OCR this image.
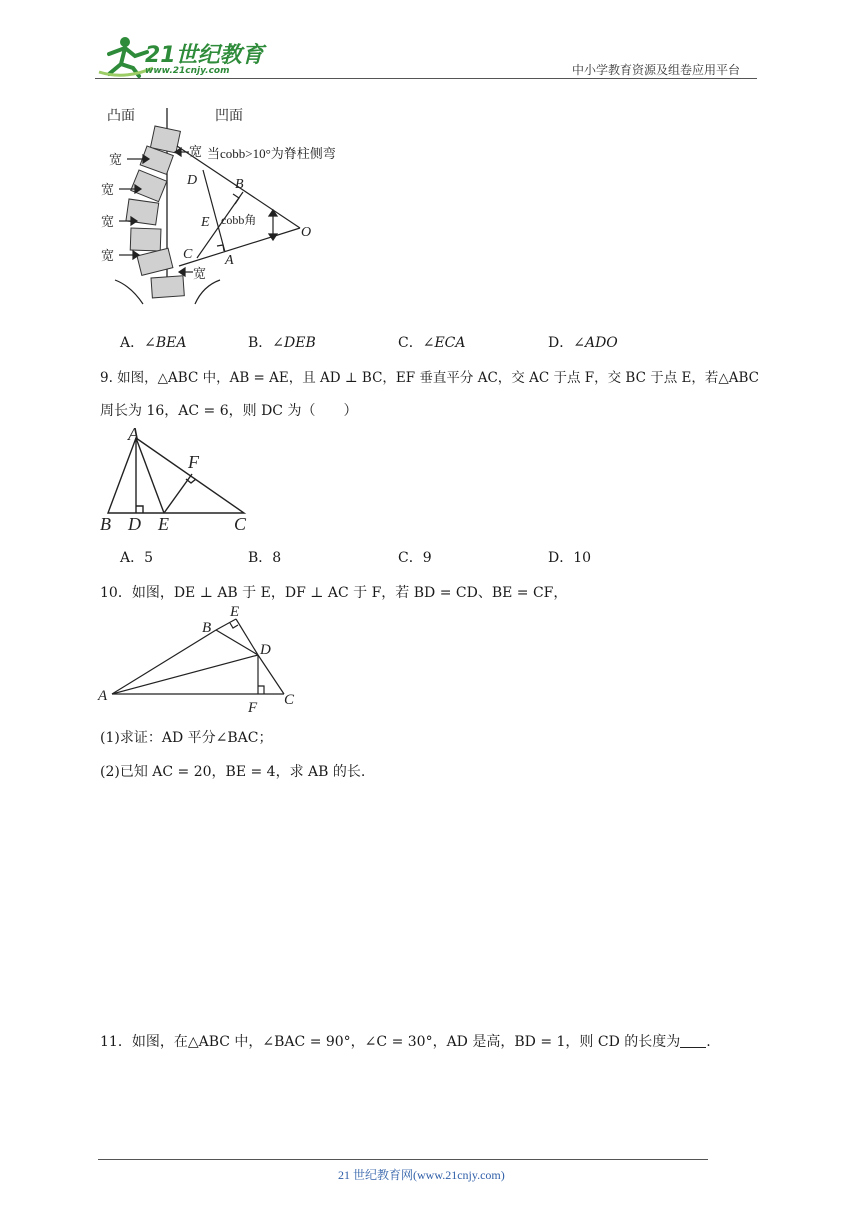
21世纪教育
www.21cnjy.com	中小学教育资源及组卷应用平台
凸面	凹面
当cobb>10°为脊柱侧弯
宽
宽
宽
宽
宽
宽
cobb角
D	B
E
C A
O
A．∠BEA	B．∠DEB	C．∠ECA	D．∠ADO
9. 如图，△ABC 中，AB = AE，且 AD ⊥ BC，EF 垂直平分 AC，交 AC 于点 F，交 BC 于点 E，若△ABC
周长为 16，AC = 6，则 DC 为（　　）
A
F
B D E	C
A．5	B．8	C．9	D．10
10．如图，DE ⊥ AB 于 E，DF ⊥ AC 于 F，若 BD = CD、BE = CF，
E
B
D
A
F C
(1)求证：AD 平分∠BAC；
(2)已知 AC = 20，BE = 4，求 AB 的长.
11．如图，在△ABC 中，∠BAC = 90°，∠C = 30°，AD 是高，BD = 1，则 CD 的长度为 .
21 世纪教育网(www.21cnjy.com)
